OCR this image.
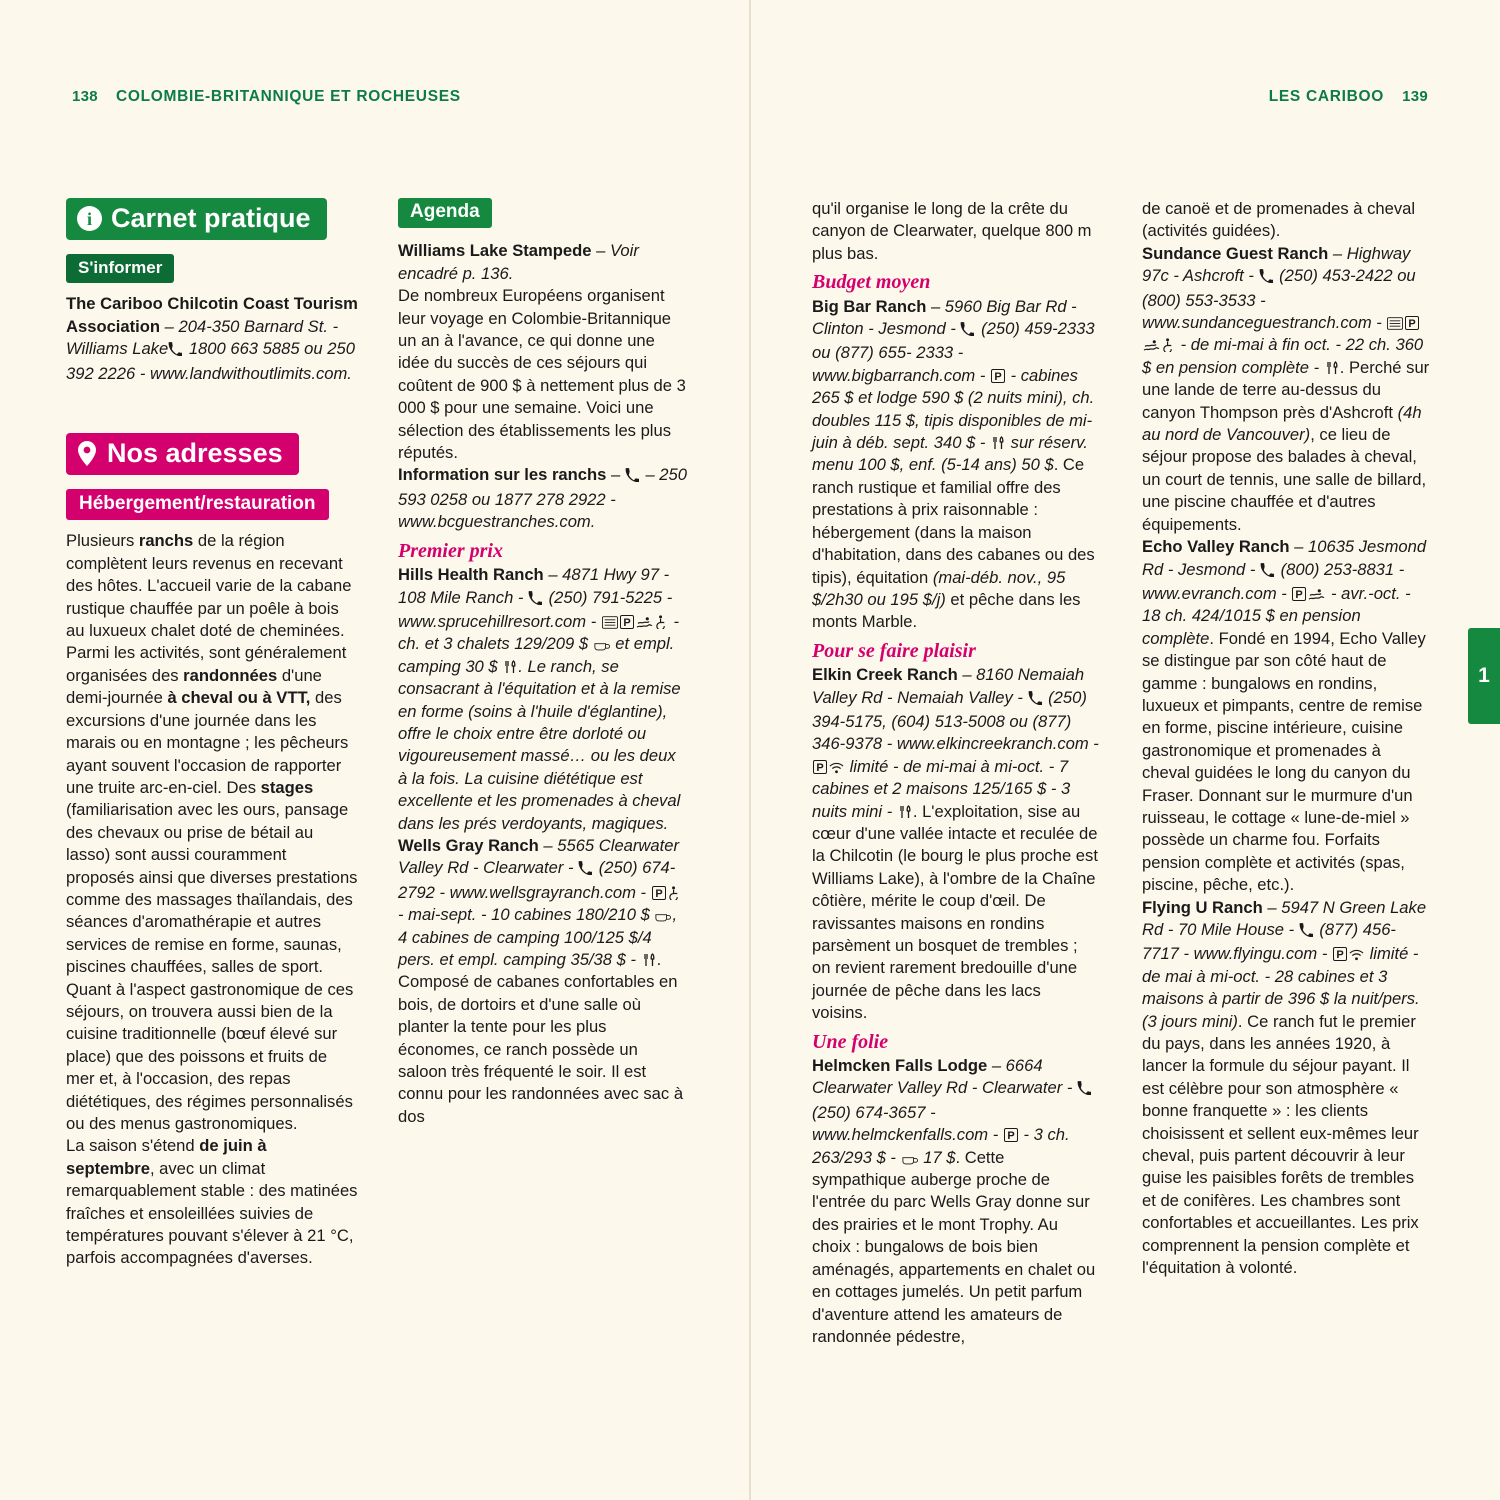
138 COLOMBIE-BRITANNIQUE ET ROCHEUSES	LES CARIBOO 139
1
i Carnet pratique
S'informer

The Cariboo Chilcotin Coast Tourism Association – 204-350 Barnard St. - Williams Lake 1800 663 5885 ou 250 392 2226 - www.landwithoutlimits.com.

Nos adresses
Hébergement/restauration

Plusieurs ranchs de la région complètent leurs revenus en recevant des hôtes. L'accueil varie de la cabane rustique chauffée par un poêle à bois au luxueux chalet doté de cheminées. Parmi les activités, sont généralement organisées des randonnées d'une demi-journée à cheval ou à VTT, des excursions d'une journée dans les marais ou en montagne ; les pêcheurs ayant souvent l'occasion de rapporter une truite arc-en-ciel. Des stages (familiarisation avec les ours, pansage des chevaux ou prise de bétail au lasso) sont aussi couramment proposés ainsi que diverses prestations comme des massages thaïlandais, des séances d'aromathérapie et autres services de remise en forme, saunas, piscines chauffées, salles de sport. Quant à l'aspect gastronomique de ces séjours, on trouvera aussi bien de la cuisine traditionnelle (bœuf élevé sur place) que des poissons et fruits de mer et, à l'occasion, des repas diététiques, des régimes personnalisés ou des menus gastronomiques.

La saison s'étend de juin à septembre, avec un climat remarquablement stable : des matinées fraîches et ensoleillées suivies de températures pouvant s'élever à 21 °C, parfois accompagnées d'averses.

Agenda

Williams Lake Stampede – Voir encadré p. 136.

De nombreux Européens organisent leur voyage en Colombie-Britannique un an à l'avance, ce qui donne une idée du succès de ces séjours qui coûtent de 900 $ à nettement plus de 3 000 $ pour une semaine. Voici une sélection des établissements les plus réputés.

Information sur les ranchs –  – 250 593 0258 ou 1877 278 2922 - www.bcguestranches.com.

Premier prix

Hills Health Ranch – 4871 Hwy 97 - 108 Mile Ranch -  (250) 791-5225 - www.sprucehillresort.com - P - ch. et 3 chalets 129/209 $
et empl. camping 30 $
. Le ranch, se consacrant à l'équitation et à la remise en forme (soins à l'huile d'églantine), offre le choix entre être dorloté ou vigoureusement massé… ou les deux à la fois. La cuisine diététique est excellente et les promenades à cheval dans les prés verdoyants, magiques.

Wells Gray Ranch – 5565 Clearwater Valley Rd - Clearwater -  (250) 674-2792 - www.wellsgrayranch.com - P
- mai-sept. - 10 cabines 180/210 $
, 4 cabines de camping 100/125 $/4 pers. et empl. camping 35/38 $ -
. Composé de cabanes confortables en bois, de dortoirs et d'une salle où planter la tente pour les plus économes, ce ranch possède un saloon très fréquenté le soir. Il est connu pour les randonnées avec sac à dos

qu'il organise le long de la crête du canyon de Clearwater, quelque 800 m plus bas.

Budget moyen

Big Bar Ranch – 5960 Big Bar Rd - Clinton - Jesmond -  (250) 459-2333 ou (877) 655- 2333 - www.bigbarranch.com - P - cabines 265 $ et lodge 590 $ (2 nuits mini), ch. doubles 115 $, tipis disponibles de mi-juin à déb. sept. 340 $ -
sur réserv. menu 100 $, enf. (5-14 ans) 50 $. Ce ranch rustique et familial offre des prestations à prix raisonnable : hébergement (dans la maison d'habitation, dans des cabanes ou des tipis), équitation (mai-déb. nov., 95 $/2h30 ou 195 $/j) et pêche dans les monts Marble.

Pour se faire plaisir

Elkin Creek Ranch – 8160 Nemaiah Valley Rd - Nemaiah Valley -  (250) 394-5175, (604) 513-5008 ou (877) 346-9378 - www.elkincreekranch.com -
P limité - de mi-mai à mi-oct. - 7 cabines et 2 maisons 125/165 $ - 3 nuits mini -
. L'exploitation, sise au cœur d'une vallée intacte et reculée de la Chilcotin (le bourg le plus proche est Williams Lake), à l'ombre de la Chaîne côtière, mérite le coup d'œil. De ravissantes maisons en rondins parsèment un bosquet de trembles ; on revient rarement bredouille d'une journée de pêche dans les lacs voisins.

Une folie

Helmcken Falls Lodge – 6664 Clearwater Valley Rd - Clearwater -  (250) 674-3657 - www.helmckenfalls.com - P - 3 ch. 263/293 $ -
17 $. Cette sympathique auberge proche de l'entrée du parc Wells Gray donne sur des prairies et le mont Trophy. Au choix : bungalows de bois bien aménagés, appartements en chalet ou en cottages jumelés. Un petit parfum d'aventure attend les amateurs de randonnée pédestre,

de canoë et de promenades à cheval (activités guidées).

Sundance Guest Ranch – Highway 97c - Ashcroft -  (250) 453-2422 ou (800) 553-3533 - www.sundanceguestranch.com - P
- de mi-mai à fin oct. - 22 ch. 360 $ en pension complète -
. Perché sur une lande de terre au-dessus du canyon Thompson près d'Ashcroft (4h au nord de Vancouver), ce lieu de séjour propose des balades à cheval, un court de tennis, une salle de billard, une piscine chauffée et d'autres équipements.

Echo Valley Ranch – 10635 Jesmond Rd - Jesmond -  (800) 253-8831 - www.evranch.com - P - avr.-oct. - 18 ch. 424/1015 $ en pension complète. Fondé en 1994, Echo Valley se distingue par son côté haut de gamme : bungalows en rondins, luxueux et pimpants, centre de remise en forme, piscine intérieure, cuisine gastronomique et promenades à cheval guidées le long du canyon du Fraser. Donnant sur le murmure d'un ruisseau, le cottage « lune-de-miel » possède un charme fou. Forfaits pension complète et activités (spas, piscine, pêche, etc.).

Flying U Ranch – 5947 N Green Lake Rd - 70 Mile House -  (877) 456-7717 - www.flyingu.com - P limité - de mai à mi-oct. - 28 cabines et 3 maisons à partir de 396 $ la nuit/pers. (3 jours mini). Ce ranch fut le premier du pays, dans les années 1920, à lancer la formule du séjour payant. Il est célèbre pour son atmosphère « bonne franquette » : les clients choisissent et sellent eux-mêmes leur cheval, puis partent découvrir à leur guise les paisibles forêts de trembles et de conifères. Les chambres sont confortables et accueillantes. Les prix comprennent la pension complète et l'équitation à volonté.
